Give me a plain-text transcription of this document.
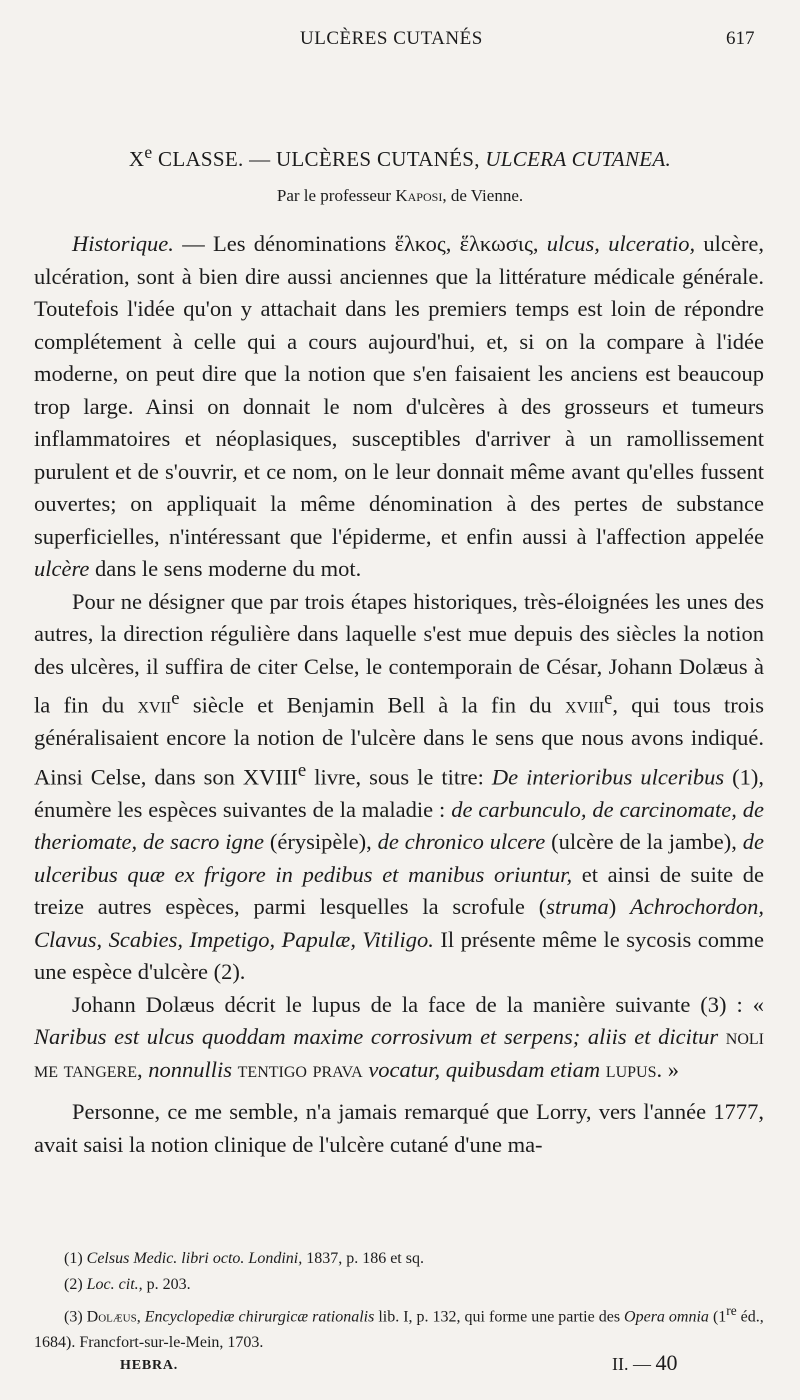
ULCÈRES CUTANÉS	617
Xe CLASSE. — ULCÈRES CUTANÉS, ULCERA CUTANEA.
Par le professeur Kaposi, de Vienne.

Historique. — Les dénominations ἕλκος, ἕλκωσις, ulcus, ulceratio, ulcère, ulcération, sont à bien dire aussi anciennes que la littérature médicale générale. Toutefois l'idée qu'on y attachait dans les premiers temps est loin de répondre complétement à celle qui a cours aujourd'hui, et, si on la compare à l'idée moderne, on peut dire que la notion que s'en faisaient les anciens est beaucoup trop large. Ainsi on donnait le nom d'ulcères à des grosseurs et tumeurs inflammatoires et néoplasiques, susceptibles d'arriver à un ramollissement purulent et de s'ouvrir, et ce nom, on le leur donnait même avant qu'elles fussent ouvertes; on appliquait la même dénomination à des pertes de substance superficielles, n'intéressant que l'épiderme, et enfin aussi à l'affection appelée ulcère dans le sens moderne du mot.

Pour ne désigner que par trois étapes historiques, très-éloignées les unes des autres, la direction régulière dans laquelle s'est mue depuis des siècles la notion des ulcères, il suffira de citer Celse, le contemporain de César, Johann Dolæus à la fin du xvii$^e$ siècle et Benjamin Bell à la fin du xviii$^e$, qui tous trois généralisaient encore la notion de l'ulcère dans le sens que nous avons indiqué. Ainsi Celse, dans son XVIIIe livre, sous le titre: De interioribus ulceribus (1), énumère les espèces suivantes de la maladie : de carbunculo, de carcinomate, de theriomate, de sacro igne (érysipèle), de chronico ulcere (ulcère de la jambe), de ulceribus quæ ex frigore in pedibus et manibus oriuntur, et ainsi de suite de treize autres espèces, parmi lesquelles la scrofule (struma) Achrochordon, Clavus, Scabies, Impetigo, Papulæ, Vitiligo. Il présente même le sycosis comme une espèce d'ulcère (2).

Johann Dolæus décrit le lupus de la face de la manière suivante (3) : « Naribus est ulcus quoddam maxime corrosivum et serpens; aliis et dicitur noli me tangere, nonnullis tentigo prava vocatur, quibusdam etiam lupus. »

Personne, ce me semble, n'a jamais remarqué que Lorry, vers l'année 1777, avait saisi la notion clinique de l'ulcère cutané d'une ma-

(1) Celsus Medic. libri octo. Londini, 1837, p. 186 et sq.

(2) Loc. cit., p. 203.

(3) Dolæus, Encyclopediæ chirurgicæ rationalis lib. I, p. 132, qui forme une partie des Opera omnia (1re éd., 1684). Francfort-sur-le-Mein, 1703.

HEBRA.	II. — 40
